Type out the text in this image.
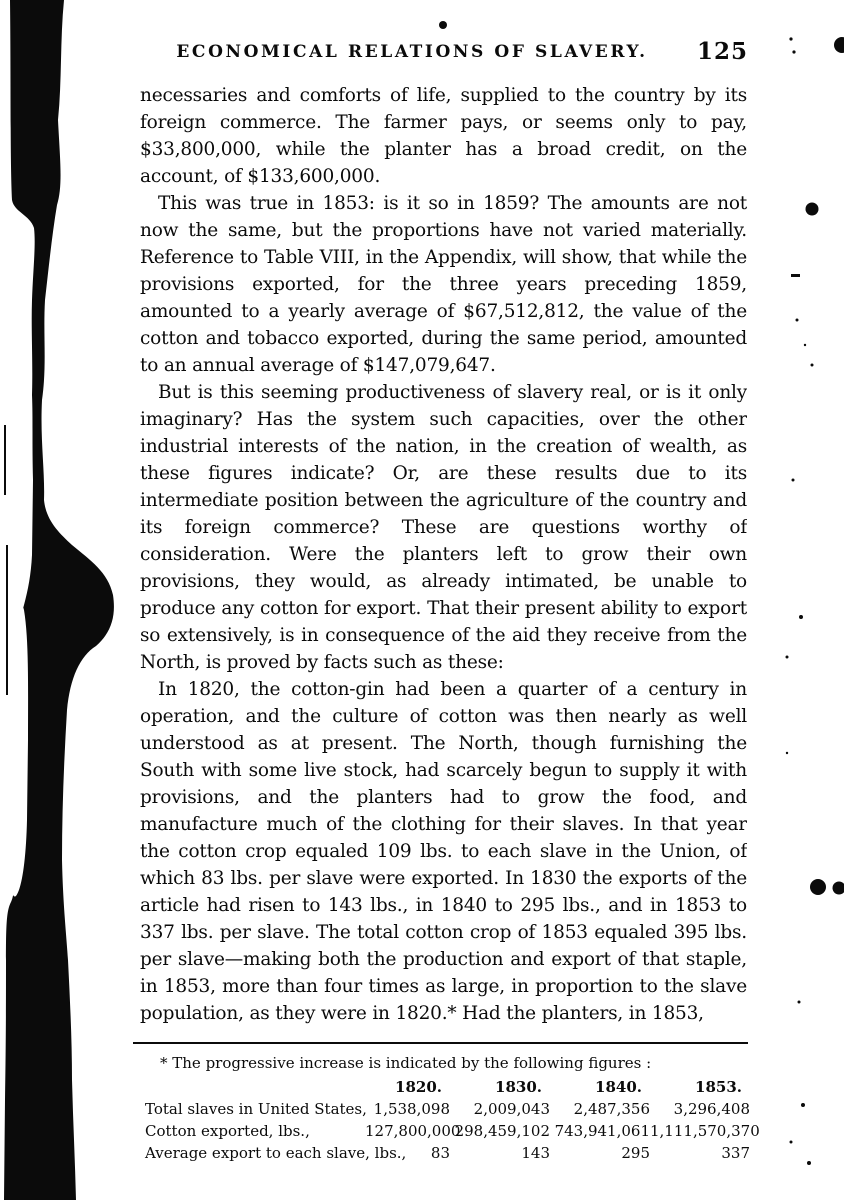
ECONOMICAL RELATIONS OF SLAVERY.	125

necessaries and comforts of life, supplied to the country by its foreign commerce. The farmer pays, or seems only to pay, $33,800,000, while the planter has a broad credit, on the account, of $133,600,000.

This was true in 1853: is it so in 1859? The amounts are not now the same, but the proportions have not varied materially. Reference to Table VIII, in the Appendix, will show, that while the provisions exported, for the three years preceding 1859, amounted to a yearly average of $67,512,812, the value of the cotton and tobacco exported, during the same period, amounted to an annual average of $147,079,647.

But is this seeming productiveness of slavery real, or is it only imaginary? Has the system such capacities, over the other industrial interests of the nation, in the creation of wealth, as these figures indicate? Or, are these results due to its intermediate position between the agriculture of the country and its foreign commerce? These are questions worthy of consideration. Were the planters left to grow their own provisions, they would, as already intimated, be unable to produce any cotton for export. That their present ability to export so extensively, is in consequence of the aid they receive from the North, is proved by facts such as these:

In 1820, the cotton-gin had been a quarter of a century in operation, and the culture of cotton was then nearly as well understood as at present. The North, though furnishing the South with some live stock, had scarcely begun to supply it with provisions, and the planters had to grow the food, and manufacture much of the clothing for their slaves. In that year the cotton crop equaled 109 lbs. to each slave in the Union, of which 83 lbs. per slave were exported. In 1830 the exports of the article had risen to 143 lbs., in 1840 to 295 lbs., and in 1853 to 337 lbs. per slave. The total cotton crop of 1853 equaled 395 lbs. per slave—making both the production and export of that staple, in 1853, more than four times as large, in proportion to the slave population, as they were in 1820.* Had the planters, in 1853,

* The progressive increase is indicated by the following figures :
	1820.	1830.	1840.	1853.
Total slaves in United States,	1,538,098	2,009,043	2,487,356	3,296,408
Cotton exported, lbs.,	127,800,000	298,459,102	743,941,061	1,111,570,370
Average export to each slave, lbs.,	83	143	295	337
